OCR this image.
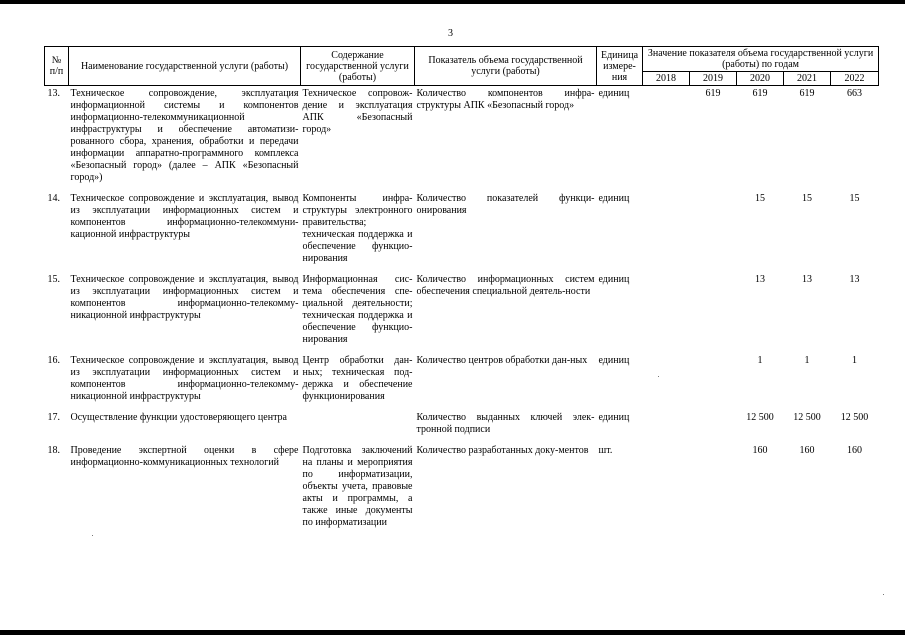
3
№ п/п	Наименование государственной услуги (работы)	Содержание государственной услуги (работы)	Показатель объема государственной услуги (работы)	Единица измере-ния	Значение показателя объема государственной услуги (работы) по годам				
					2018	2019	2020	2021	2022
13.	Техническое сопровождение, эксплуатация информационной системы и компонентов информационно-телекоммуникационной инфраструктуры и обеспечение автоматизи-рованного сбора, хранения, обработки и передачи информации аппаратно-программного комплекса «Безопасный город» (далее – АПК «Безопасный город»)	Техническое сопровож-дение и эксплуатация АПК «Безопасный город»	Количество компонентов инфра-структуры АПК «Безопасный город»	единиц		619	619	619	663
14.	Техническое сопровождение и эксплуатация, вывод из эксплуатации информационных систем и компонентов информационно-телекоммуни-кационной инфраструктуры	Компоненты инфра-структуры электронного правительства; техническая поддержка и обеспечение функцио-нирования	Количество показателей функци-онирования	единиц			15	15	15
15.	Техническое сопровождение и эксплуатация, вывод из эксплуатации информационных систем и компонентов информационно-телекомму-никационной инфраструктуры	Информационная сис-тема обеспечения спе-циальной деятельности; техническая поддержка и обеспечение функцио-нирования	Количество информационных систем обеспечения специальной деятель-ности	единиц			13	13	13
16.	Техническое сопровождение и эксплуатация, вывод из эксплуатации информационных систем и компонентов информационно-телекомму-никационной инфраструктуры	Центр обработки дан-ных; техническая под-держка и обеспечение функционирования	Количество центров обработки дан-ных	единиц			1	1	1
17.	Осуществление функции удостоверяющего центра		Количество выданных ключей элек-тронной подписи	единиц			12 500	12 500	12 500
18.	Проведение экспертной оценки в сфере информационно-коммуникационных технологий	Подготовка заключений на планы и мероприятия по информатизации, объекты учета, правовые акты и программы, а также иные документы по информатизации	Количество разработанных доку-ментов	шт.			160	160	160
